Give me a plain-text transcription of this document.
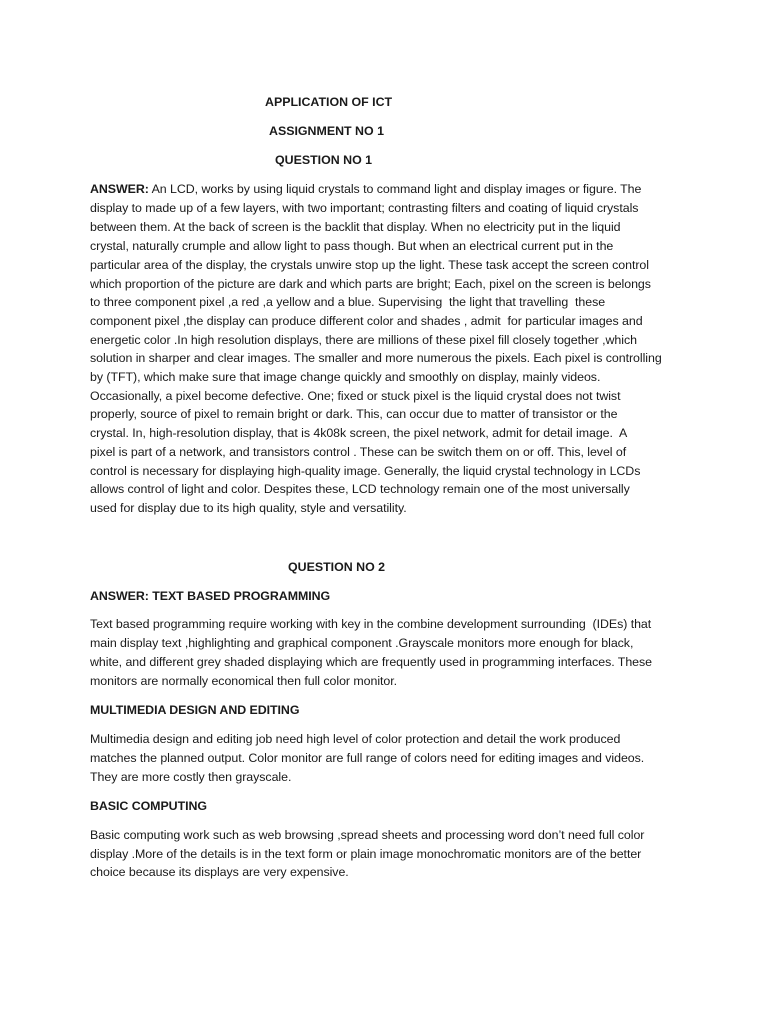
APPLICATION OF ICT
ASSIGNMENT NO 1
QUESTION NO 1
ANSWER: An LCD, works by using liquid crystals to command light and display images or figure. The
display to made up of a few layers, with two important; contrasting filters and coating of liquid crystals
between them. At the back of screen is the backlit that display. When no electricity put in the liquid
crystal, naturally crumple and allow light to pass though. But when an electrical current put in the
particular area of the display, the crystals unwire stop up the light. These task accept the screen control
which proportion of the picture are dark and which parts are bright; Each, pixel on the screen is belongs
to three component pixel ,a red ,a yellow and a blue. Supervising  the light that travelling  these
component pixel ,the display can produce different color and shades , admit  for particular images and
energetic color .In high resolution displays, there are millions of these pixel fill closely together ,which
solution in sharper and clear images. The smaller and more numerous the pixels. Each pixel is controlling
by (TFT), which make sure that image change quickly and smoothly on display, mainly videos.
Occasionally, a pixel become defective. One; fixed or stuck pixel is the liquid crystal does not twist
properly, source of pixel to remain bright or dark. This, can occur due to matter of transistor or the
crystal. In, high-resolution display, that is 4k08k screen, the pixel network, admit for detail image.  A
pixel is part of a network, and transistors control . These can be switch them on or off. This, level of
control is necessary for displaying high-quality image. Generally, the liquid crystal technology in LCDs
allows control of light and color. Despites these, LCD technology remain one of the most universally
used for display due to its high quality, style and versatility.
QUESTION NO 2
ANSWER: TEXT BASED PROGRAMMING
Text based programming require working with key in the combine development surrounding  (IDEs) that
main display text ,highlighting and graphical component .Grayscale monitors more enough for black,
white, and different grey shaded displaying which are frequently used in programming interfaces. These
monitors are normally economical then full color monitor.
MULTIMEDIA DESIGN AND EDITING
Multimedia design and editing job need high level of color protection and detail the work produced
matches the planned output. Color monitor are full range of colors need for editing images and videos.
They are more costly then grayscale.
BASIC COMPUTING
Basic computing work such as web browsing ,spread sheets and processing word don’t need full color
display .More of the details is in the text form or plain image monochromatic monitors are of the better
choice because its displays are very expensive.
